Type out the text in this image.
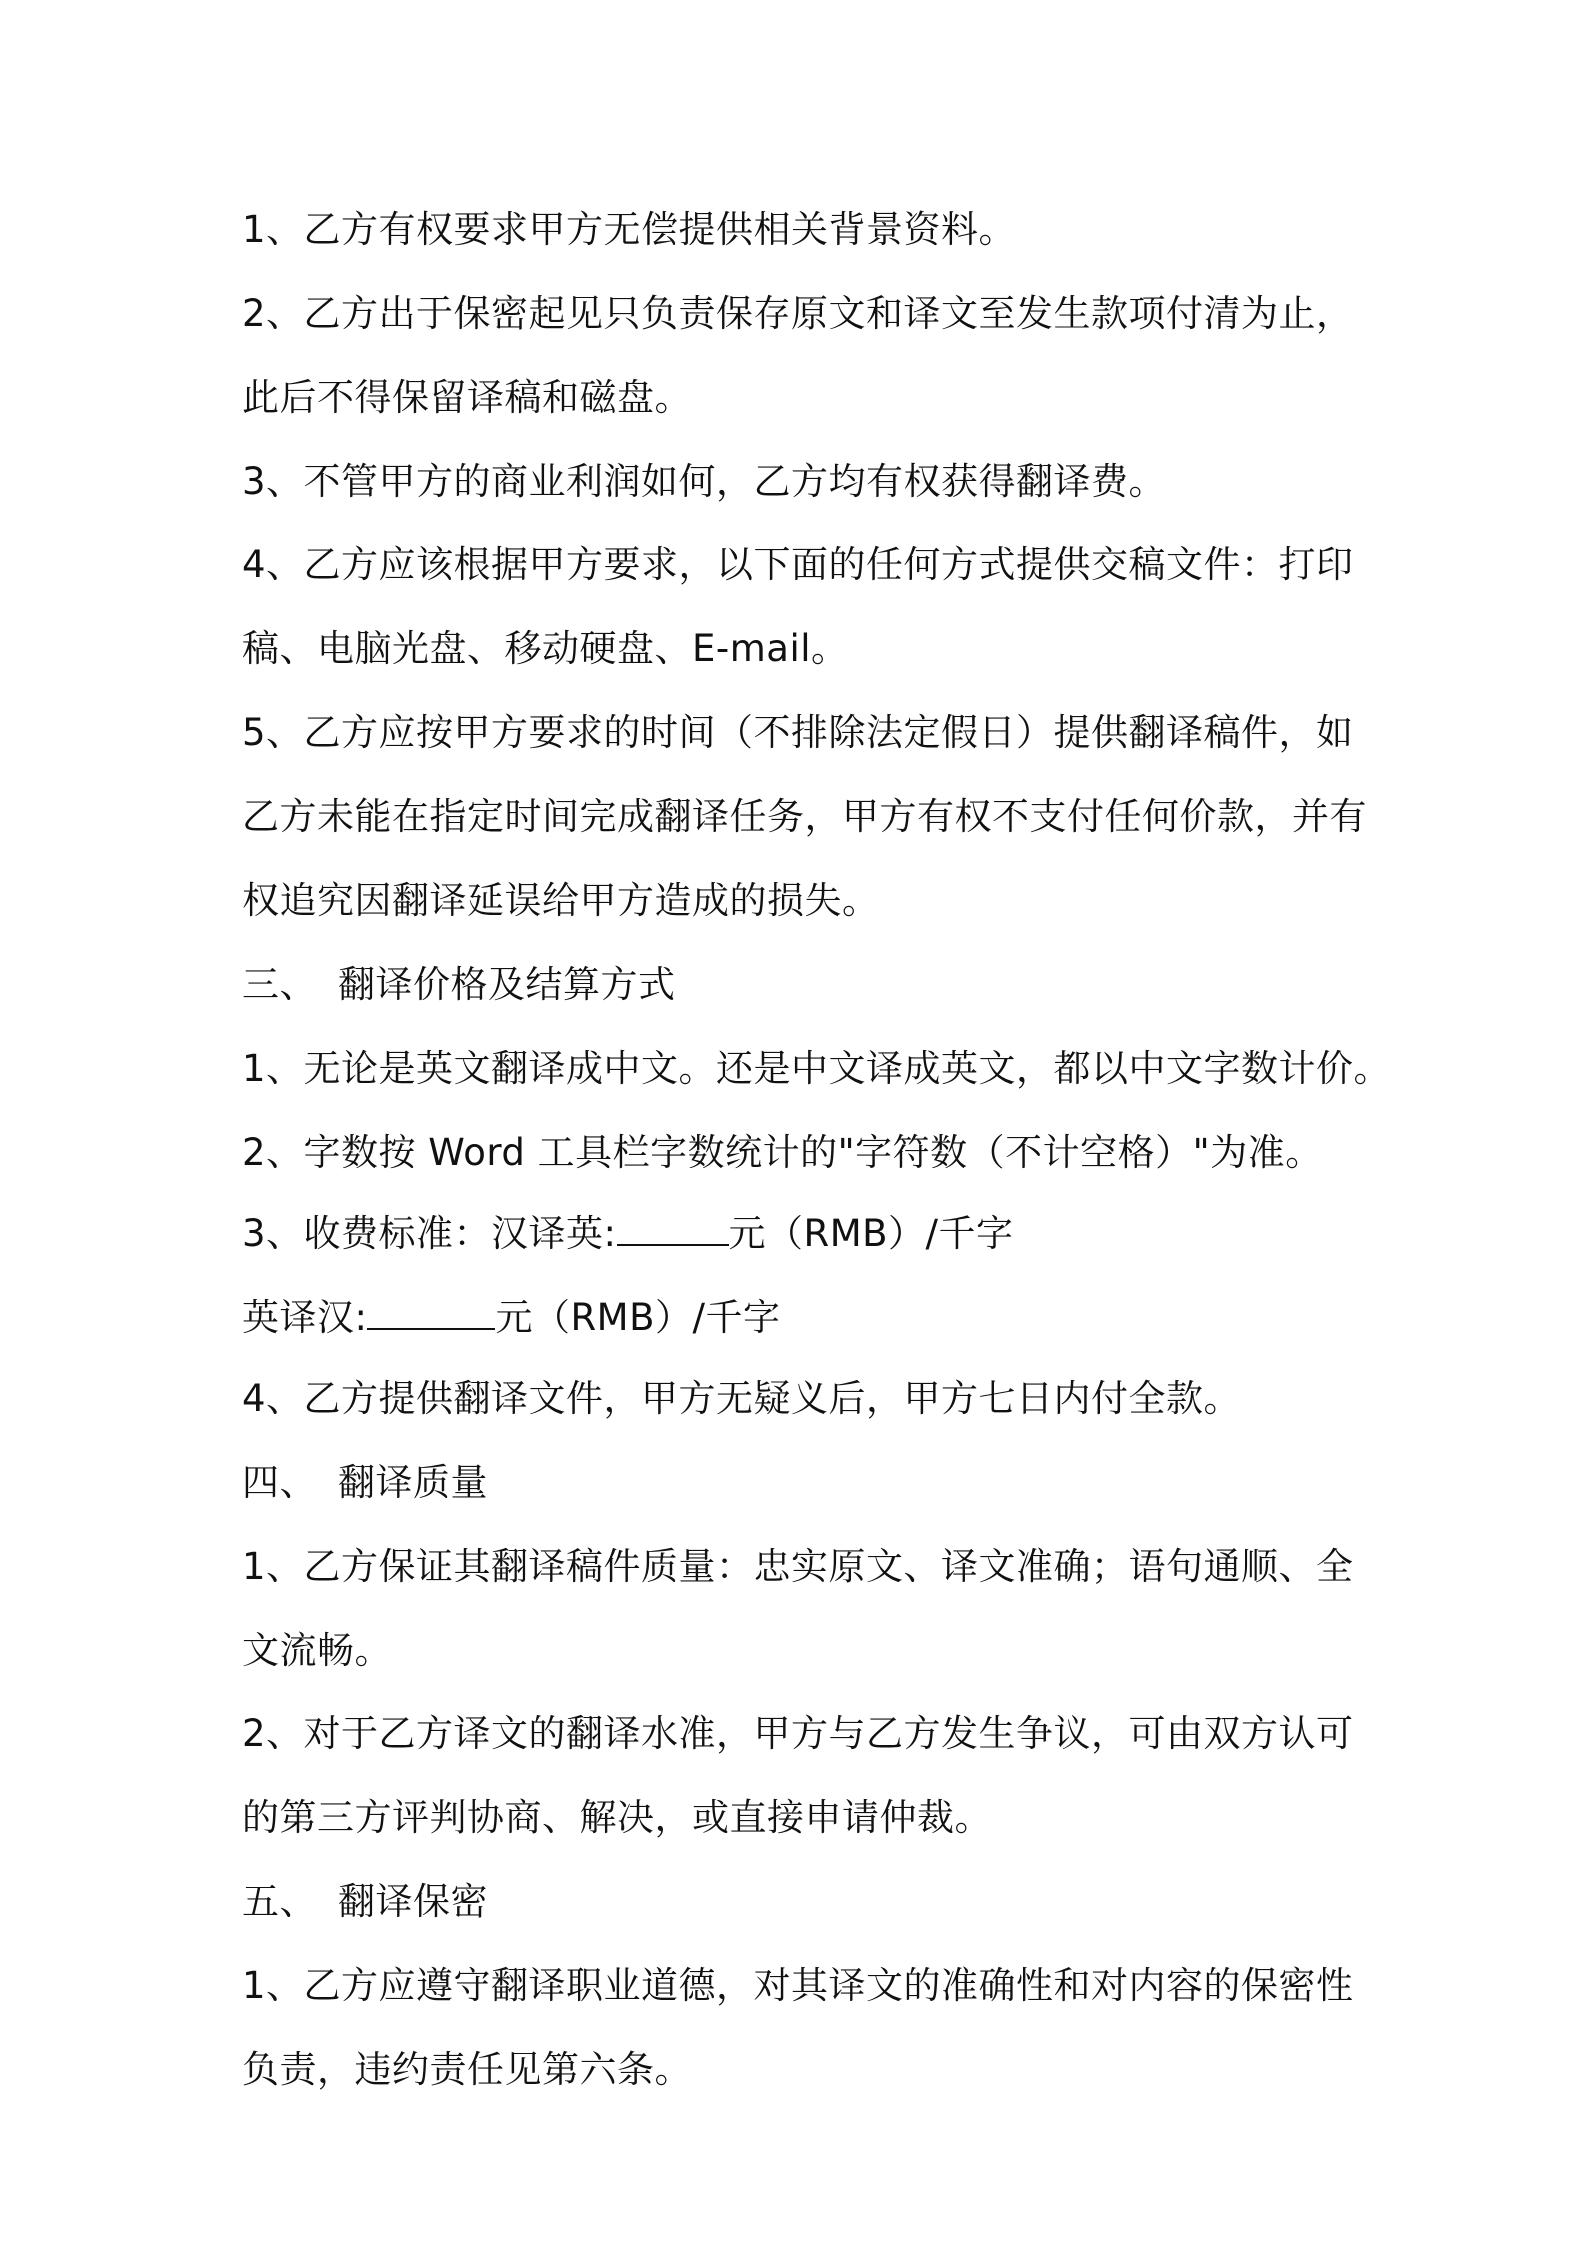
1、乙方有权要求甲方无偿提供相关背景资料。
2、乙方出于保密起见只负责保存原文和译文至发生款项付清为止，
此后不得保留译稿和磁盘。
3、不管甲方的商业利润如何，乙方均有权获得翻译费。
4、乙方应该根据甲方要求，以下面的任何方式提供交稿文件：打印
稿、电脑光盘、移动硬盘、E-mail。
5、乙方应按甲方要求的时间（不排除法定假日）提供翻译稿件，如
乙方未能在指定时间完成翻译任务，甲方有权不支付任何价款，并有
权追究因翻译延误给甲方造成的损失。
三、 翻译价格及结算方式
1、无论是英文翻译成中文。还是中文译成英文，都以中文字数计价。
2、字数按 Word 工具栏字数统计的"字符数（不计空格）"为准。
3、收费标准：汉译英:	元（RMB）/千字
英译汉:	元（RMB）/千字
4、乙方提供翻译文件，甲方无疑义后，甲方七日内付全款。
四、 翻译质量
1、乙方保证其翻译稿件质量：忠实原文、译文准确；语句通顺、全
文流畅。
2、对于乙方译文的翻译水准，甲方与乙方发生争议，可由双方认可
的第三方评判协商、解决，或直接申请仲裁。
五、 翻译保密
1、乙方应遵守翻译职业道德，对其译文的准确性和对内容的保密性
负责，违约责任见第六条。
